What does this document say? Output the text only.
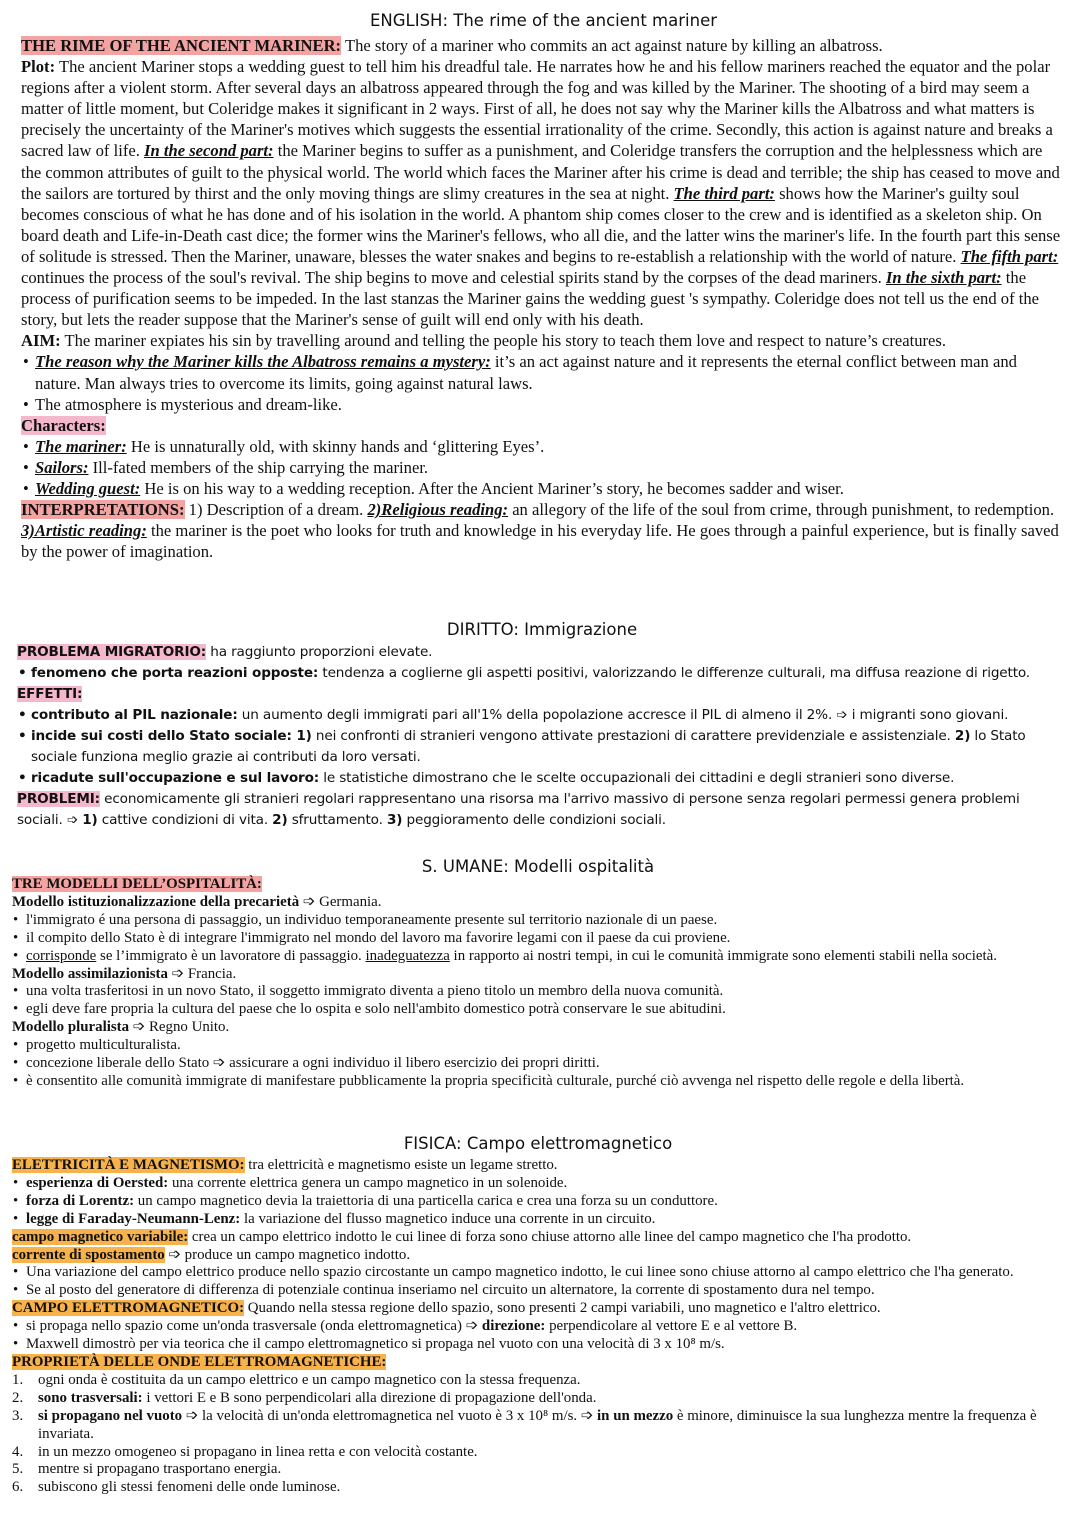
ENGLISH: The rime of the ancient mariner

THE RIME OF THE ANCIENT MARINER: The story of a mariner who commits an act against nature by killing an albatross.

Plot: The ancient Mariner stops a wedding guest to tell him his dreadful tale. He narrates how he and his fellow mariners reached the equator and the polar regions after a violent storm. After several days an albatross appeared through the fog and was killed by the Mariner. The shooting of a bird may seem a matter of little moment, but Coleridge makes it significant in 2 ways. First of all, he does not say why the Mariner kills the Albatross and what matters is precisely the uncertainty of the Mariner's motives which suggests the essential irrationality of the crime. Secondly, this action is against nature and breaks a sacred law of life. In the second part: the Mariner begins to suffer as a punishment, and Coleridge transfers the corruption and the helplessness which are the common attributes of guilt to the physical world. The world which faces the Mariner after his crime is dead and terrible; the ship has ceased to move and the sailors are tortured by thirst and the only moving things are slimy creatures in the sea at night. The third part: shows how the Mariner's guilty soul becomes conscious of what he has done and of his isolation in the world. A phantom ship comes closer to the crew and is identified as a skeleton ship. On board death and Life-in-Death cast dice; the former wins the Mariner's fellows, who all die, and the latter wins the mariner's life. In the fourth part this sense of solitude is stressed. Then the Mariner, unaware, blesses the water snakes and begins to re-establish a relationship with the world of nature. The fifth part: continues the process of the soul's revival. The ship begins to move and celestial spirits stand by the corpses of the dead mariners. In the sixth part: the process of purification seems to be impeded. In the last stanzas the Mariner gains the wedding guest 's sympathy. Coleridge does not tell us the end of the story, but lets the reader suppose that the Mariner's sense of guilt will end only with his death.

AIM: The mariner expiates his sin by travelling around and telling the people his story to teach them love and respect to nature’s creatures.

• The reason why the Mariner kills the Albatross remains a mystery: it’s an act against nature and it represents the eternal conflict between man and nature. Man always tries to overcome its limits, going against natural laws.
• The atmosphere is mysterious and dream-like.

Characters:

• The mariner: He is unnaturally old, with skinny hands and ‘glittering Eyes’.
• Sailors: Ill-fated members of the ship carrying the mariner.
• Wedding guest: He is on his way to a wedding reception. After the Ancient Mariner’s story, he becomes sadder and wiser.

INTERPRETATIONS: 1) Description of a dream. 2)Religious reading: an allegory of the life of the soul from crime, through punishment, to redemption. 3)Artistic reading: the mariner is the poet who looks for truth and knowledge in his everyday life. He goes through a painful experience, but is finally saved by the power of imagination.

DIRITTO: Immigrazione

PROBLEMA MIGRATORIO: ha raggiunto proporzioni elevate.

• fenomeno che porta reazioni opposte: tendenza a coglierne gli aspetti positivi, valorizzando le differenze culturali, ma diffusa reazione di rigetto.

EFFETTI:

• contributo al PIL nazionale: un aumento degli immigrati pari all'1% della popolazione accresce il PIL di almeno il 2%. ➩ i migranti sono giovani.
• incide sui costi dello Stato sociale: 1) nei confronti di stranieri vengono attivate prestazioni di carattere previdenziale e assistenziale. 2) lo Stato sociale funziona meglio grazie ai contributi da loro versati.
• ricadute sull'occupazione e sul lavoro: le statistiche dimostrano che le scelte occupazionali dei cittadini e degli stranieri sono diverse.

PROBLEMI: economicamente gli stranieri regolari rappresentano una risorsa ma l'arrivo massivo di persone senza regolari permessi genera problemi sociali. ➩ 1) cattive condizioni di vita. 2) sfruttamento. 3) peggioramento delle condizioni sociali.

S. UMANE: Modelli ospitalità

TRE MODELLI DELL’OSPITALITÀ:

Modello istituzionalizzazione della precarietà ➩ Germania.

• l'immigrato é una persona di passaggio, un individuo temporaneamente presente sul territorio nazionale di un paese.
• il compito dello Stato è di integrare l'immigrato nel mondo del lavoro ma favorire legami con il paese da cui proviene.
• corrisponde se l’immigrato è un lavoratore di passaggio. inadeguatezza in rapporto ai nostri tempi, in cui le comunità immigrate sono elementi stabili nella società.

Modello assimilazionista ➩ Francia.

• una volta trasferitosi in un novo Stato, il soggetto immigrato diventa a pieno titolo un membro della nuova comunità.
• egli deve fare propria la cultura del paese che lo ospita e solo nell'ambito domestico potrà conservare le sue abitudini.

Modello pluralista ➩ Regno Unito.

• progetto multiculturalista.
• concezione liberale dello Stato ➩ assicurare a ogni individuo il libero esercizio dei propri diritti.
• è consentito alle comunità immigrate di manifestare pubblicamente la propria specificità culturale, purché ciò avvenga nel rispetto delle regole e della libertà.
FISICA: Campo elettromagnetico

ELETTRICITÀ E MAGNETISMO: tra elettricità e magnetismo esiste un legame stretto.

• esperienza di Oersted: una corrente elettrica genera un campo magnetico in un solenoide.
• forza di Lorentz: un campo magnetico devia la traiettoria di una particella carica e crea una forza su un conduttore.
• legge di Faraday-Neumann-Lenz: la variazione del flusso magnetico induce una corrente in un circuito.

campo magnetico variabile: crea un campo elettrico indotto le cui linee di forza sono chiuse attorno alle linee del campo magnetico che l'ha prodotto.

corrente di spostamento ➩ produce un campo magnetico indotto.

• Una variazione del campo elettrico produce nello spazio circostante un campo magnetico indotto, le cui linee sono chiuse attorno al campo elettrico che l'ha generato.
• Se al posto del generatore di differenza di potenziale continua inseriamo nel circuito un alternatore, la corrente di spostamento dura nel tempo.

CAMPO ELETTROMAGNETICO: Quando nella stessa regione dello spazio, sono presenti 2 campi variabili, uno magnetico e l'altro elettrico.

• si propaga nello spazio come un'onda trasversale (onda elettromagnetica) ➩ direzione: perpendicolare al vettore E e al vettore B.
• Maxwell dimostrò per via teorica che il campo elettromagnetico si propaga nel vuoto con una velocità di 3 x 10⁸ m/s.

PROPRIETÀ DELLE ONDE ELETTROMAGNETICHE:

1. ogni onda è costituita da un campo elettrico e un campo magnetico con la stessa frequenza.
2. sono trasversali: i vettori E e B sono perpendicolari alla direzione di propagazione dell'onda.
3. si propagano nel vuoto ➩ la velocità di un'onda elettromagnetica nel vuoto è 3 x 10⁸ m/s. ➩ in un mezzo è minore, diminuisce la sua lunghezza mentre la frequenza è invariata.
4. in un mezzo omogeneo si propagano in linea retta e con velocità costante.
5. mentre si propagano trasportano energia.
6. subiscono gli stessi fenomeni delle onde luminose.
